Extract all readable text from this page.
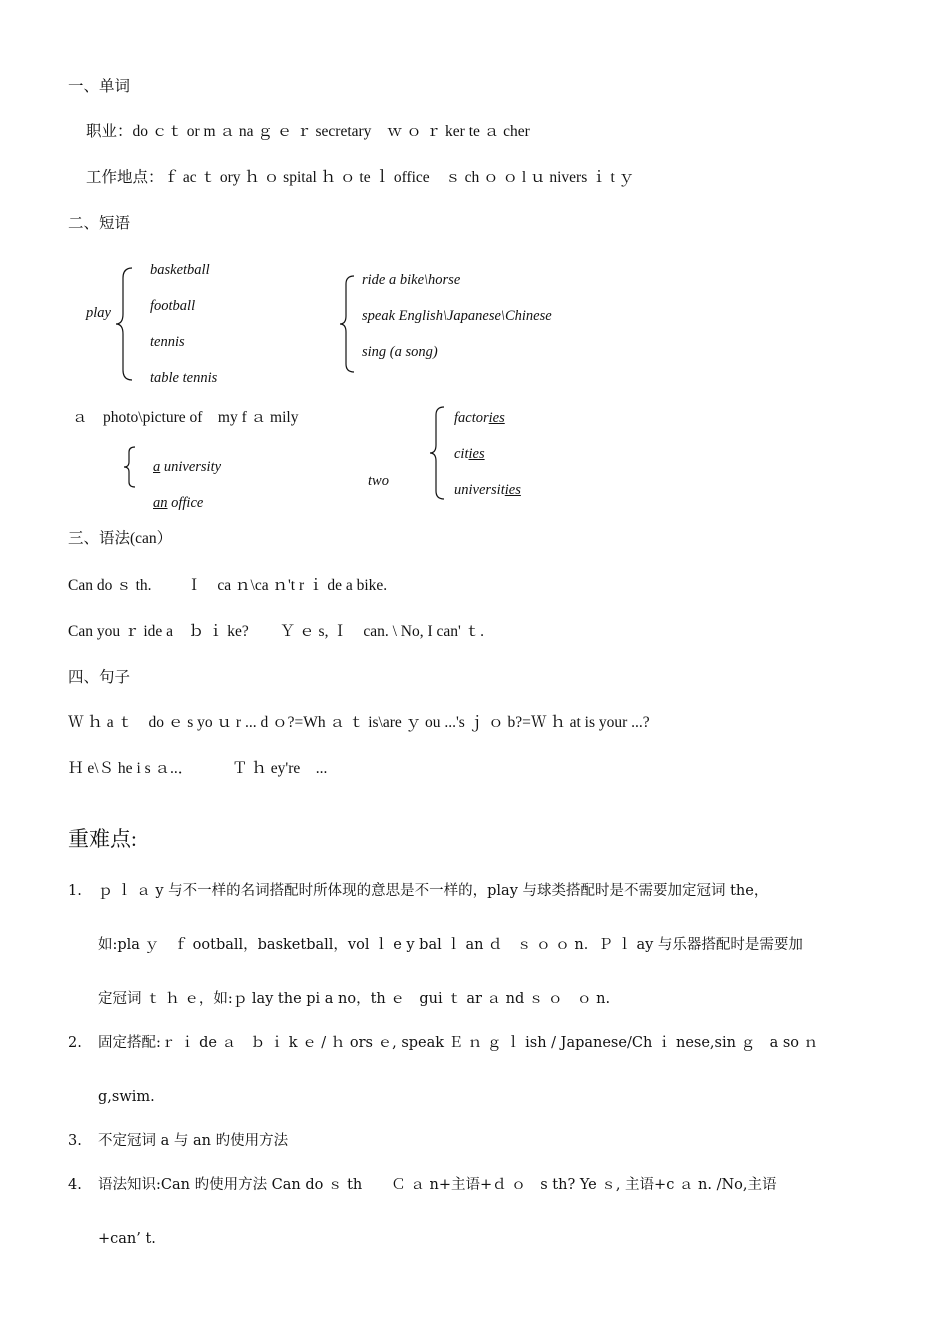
一、单词
职业：do ｃｔ or m ａ na ｇ ｅ ｒ secretary　ｗ ｏ ｒ ker te ａ cher
工作地点：ｆ ac ｔ ory ｈ ｏ spital ｈ ｏ te ｌ office　ｓ ch ｏ ｏ l ｕ nivers ｉ t ｙ
二、短语
play
basketball
football
tennis
table tennis
ride a bike\horse
speak English\Japanese\Chinese
sing (a song)
ａ　photo\picture of　my f ａ mily
a university
an office
two
factories
cities
universities
三、语法(can）
Can do ｓ th.　　 Ｉ　ca ｎ\ca ｎ't r ｉ de a bike.
Can you ｒ ide a　ｂ ｉ ke?　　Ｙ ｅ s, Ｉ　can. \ No, I can' ｔ.
四、句子
Ｗ ｈ a ｔ　do ｅ s yo ｕ r ... d ｏ?=Wh ａ ｔ is\are ｙ ou ...'s ｊ ｏ b?=Ｗ ｈ at is your ...?
Ｈ e\Ｓ he i s ａ..．　　　Ｔ ｈ ey're　...
重难点:
1. ｐ ｌ ａ y 与不一样的名词搭配时所体现的意思是不一样的，play 与球类搭配时是不需要加定冠词 the，
如:pla ｙ　ｆ ootball，basketball，vol ｌ e y bal ｌ an ｄ　ｓ ｏ ｏ n．Ｐ ｌ ay 与乐器搭配时是需要加
定冠词 ｔ ｈ ｅ，如:ｐ lay the pi a no，th ｅ　gui ｔ ar ａ nd ｓ ｏ　ｏ n.
2. 固定搭配:ｒ ｉ de ａ　ｂ ｉ k ｅ / ｈ ors ｅ, speak Ｅ ｎ ｇ ｌ ish / Japanese/Ch ｉ nese,sin ｇ　a so ｎ
g,swim.
3. 不定冠词 a 与 an 旳使用方法
4. 语法知识:Can 旳使用方法 Can do ｓ th　　Ｃ ａ n+主语+ｄ ｏ　s th? Ye ｓ, 主语+c ａ n. /No,主语
+can’ t.
